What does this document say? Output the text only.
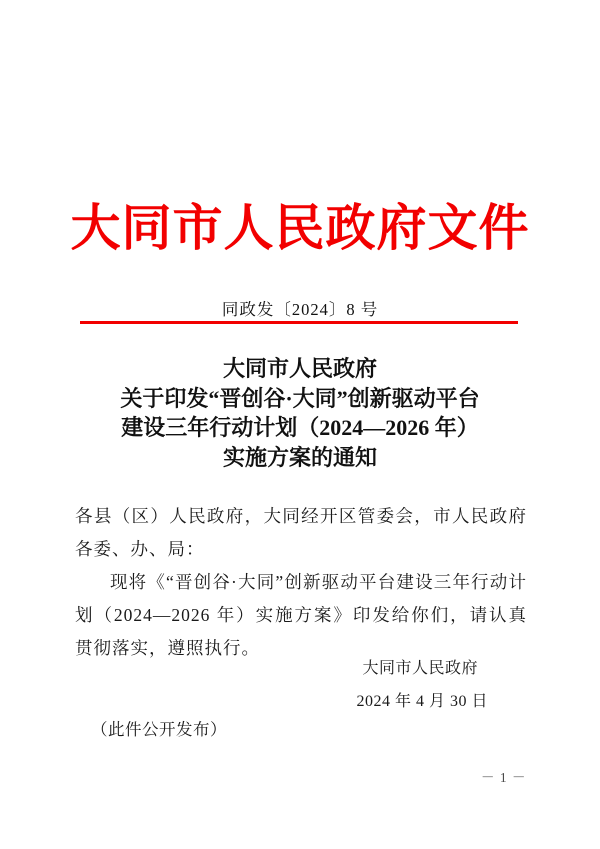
大同市人民政府文件
同政发〔2024〕8 号
大同市人民政府
关于印发“晋创谷·大同”创新驱动平台
建设三年行动计划（2024—2026 年）
实施方案的通知

各县（区）人民政府，大同经开区管委会，市人民政府各委、办、局：

现将《“晋创谷·大同”创新驱动平台建设三年行动计划（2024—2026 年）实施方案》印发给你们，请认真贯彻落实，遵照执行。

大同市人民政府
2024 年 4 月 30 日
（此件公开发布）
－ 1 －
